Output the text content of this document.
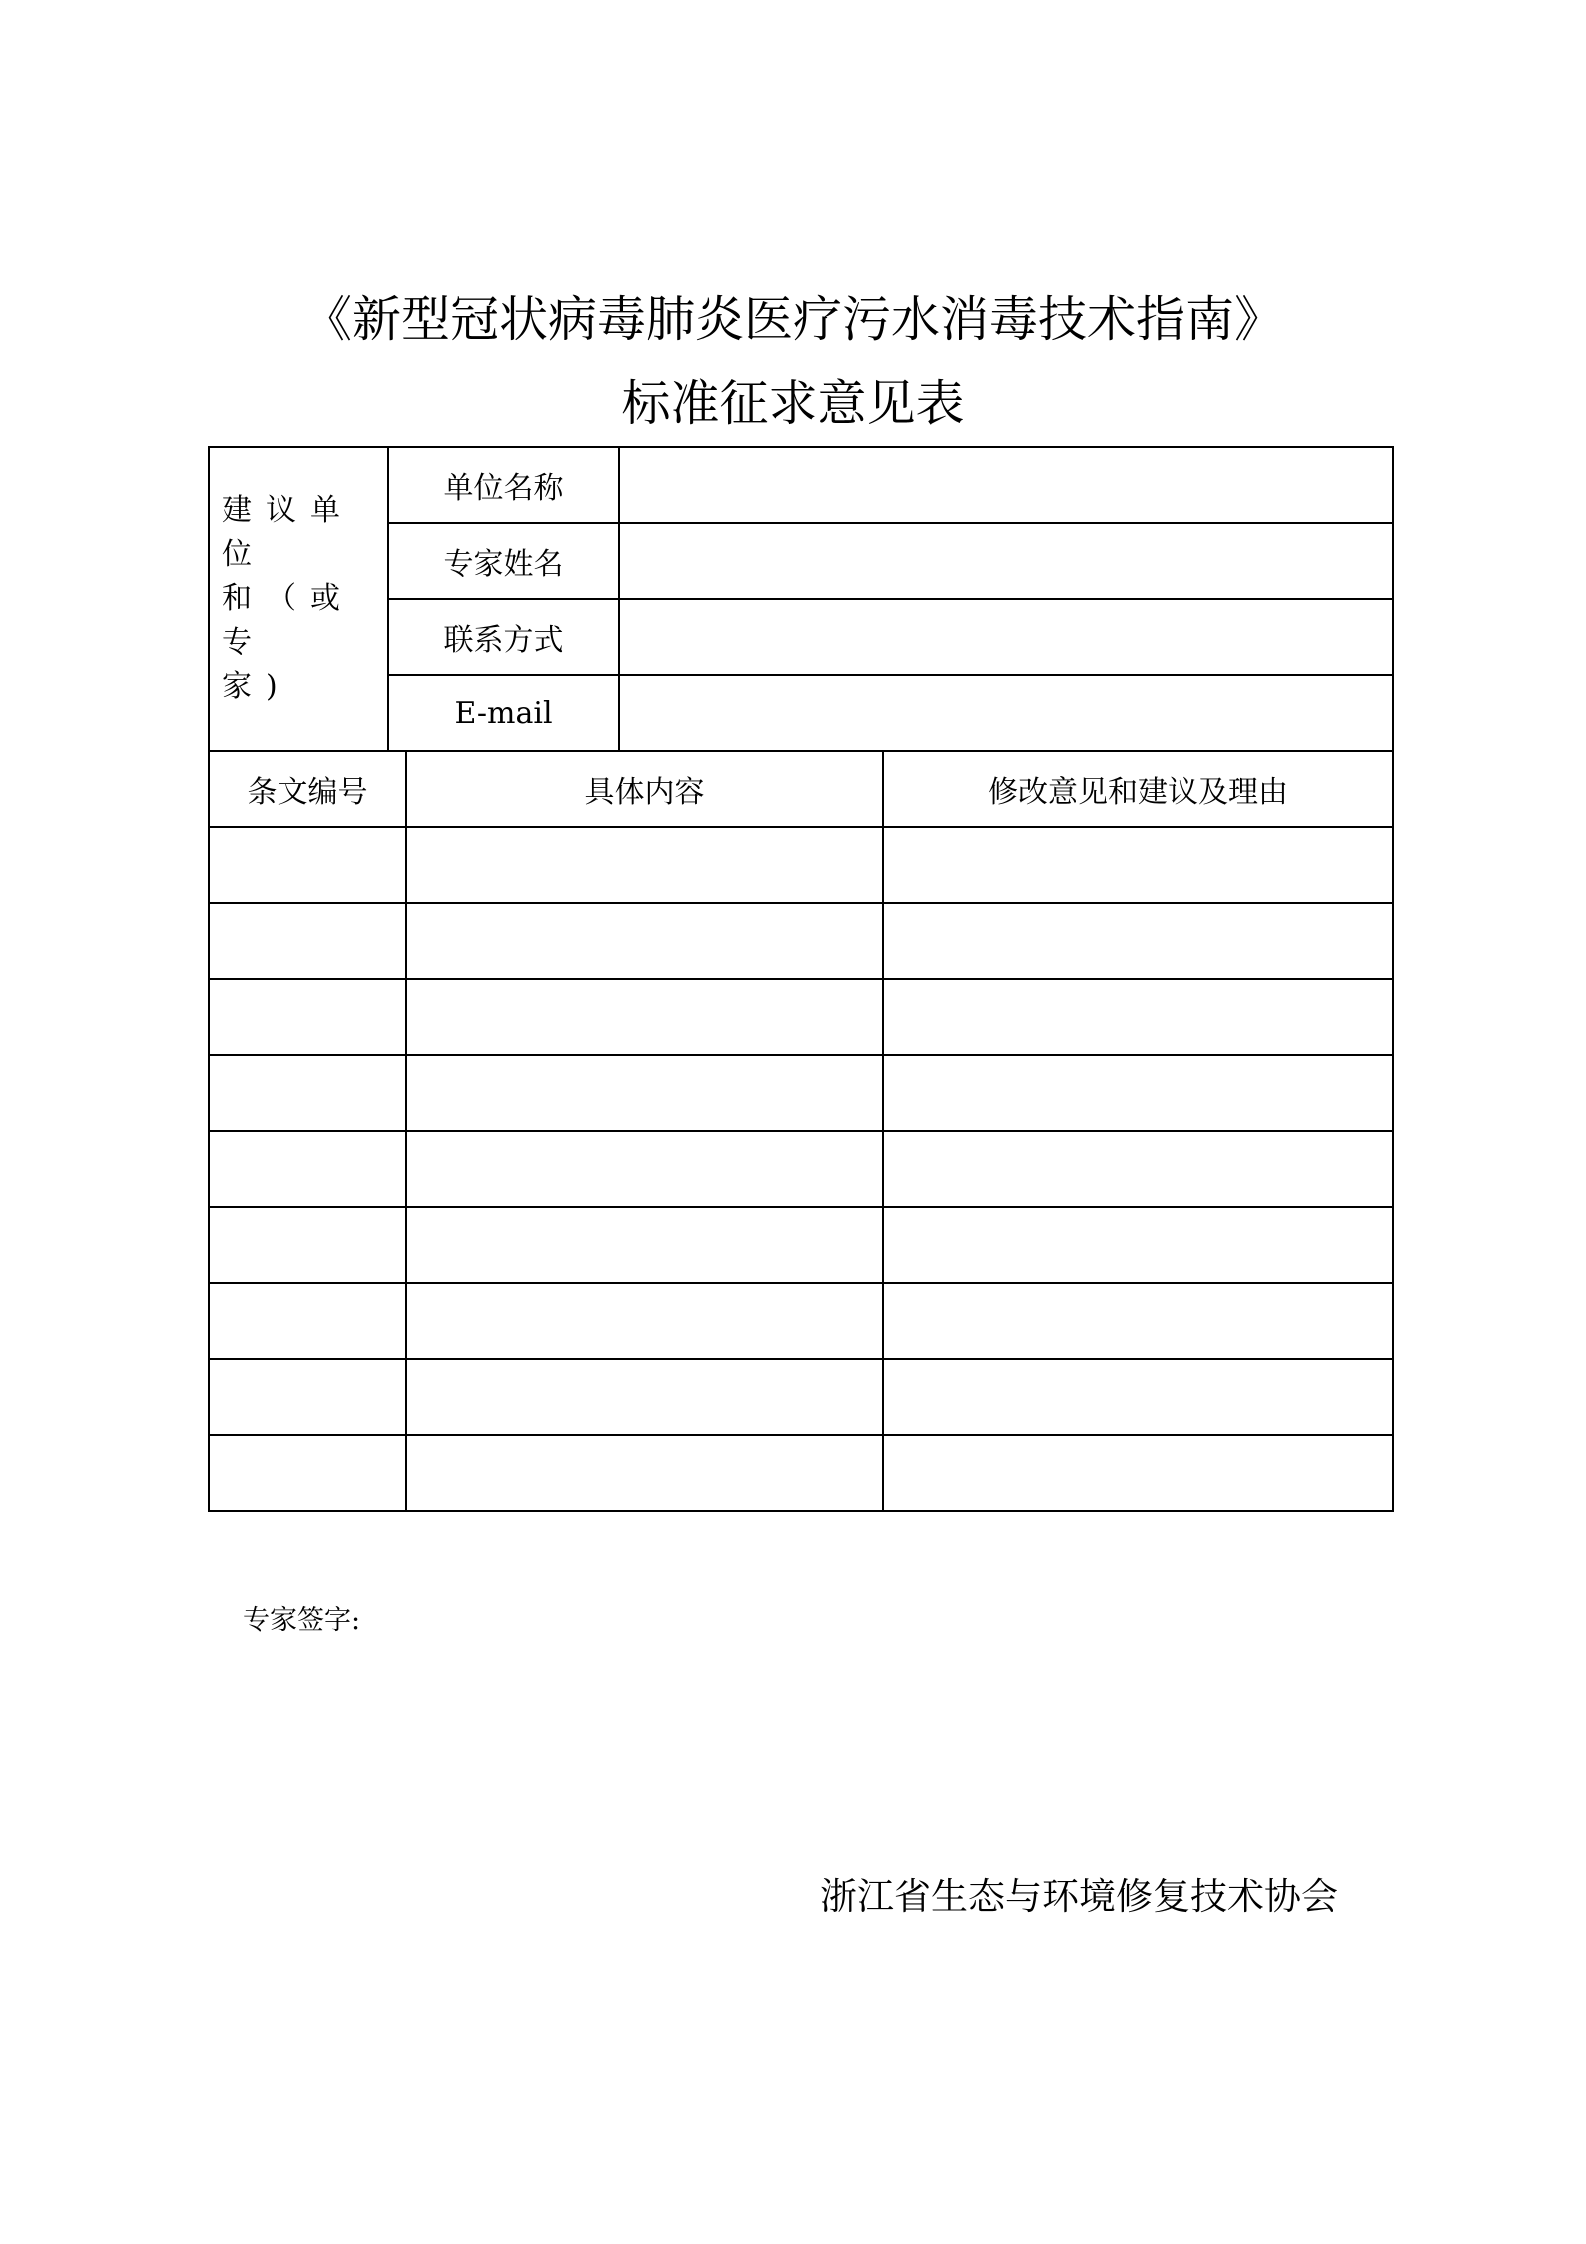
《新型冠状病毒肺炎医疗污水消毒技术指南》
标准征求意见表
建议单位
和（或专
家)	单位名称	
	专家姓名	
	联系方式	
	E-mail	
条文编号	具体内容	修改意见和建议及理由

专家签字:
浙江省生态与环境修复技术协会
